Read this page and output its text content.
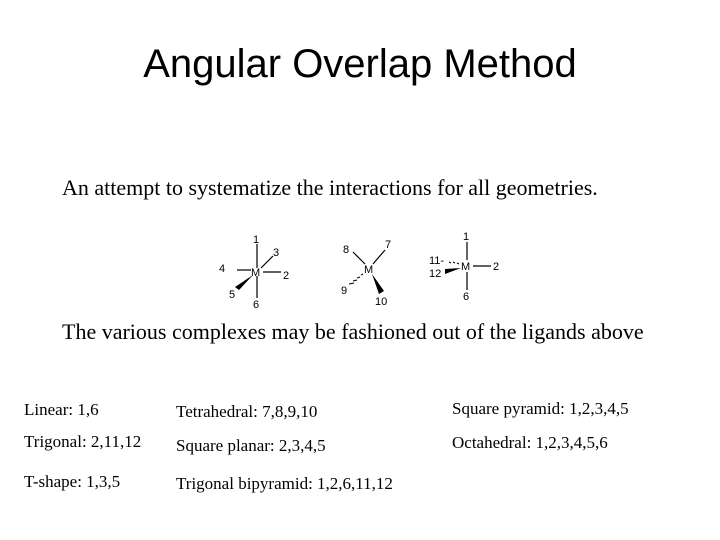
Angular Overlap Method
An attempt to systematize the interactions for all geometries.
M
1
3
4
2
5
6
M
8	7
9
10
M
1
11-
12
2
6
The various complexes may be fashioned out of the ligands above
Linear: 1,6
Trigonal: 2,11,12
T-shape: 1,3,5
Tetrahedral: 7,8,9,10
Square planar: 2,3,4,5
Trigonal bipyramid: 1,2,6,11,12
Square pyramid: 1,2,3,4,5
Octahedral: 1,2,3,4,5,6
